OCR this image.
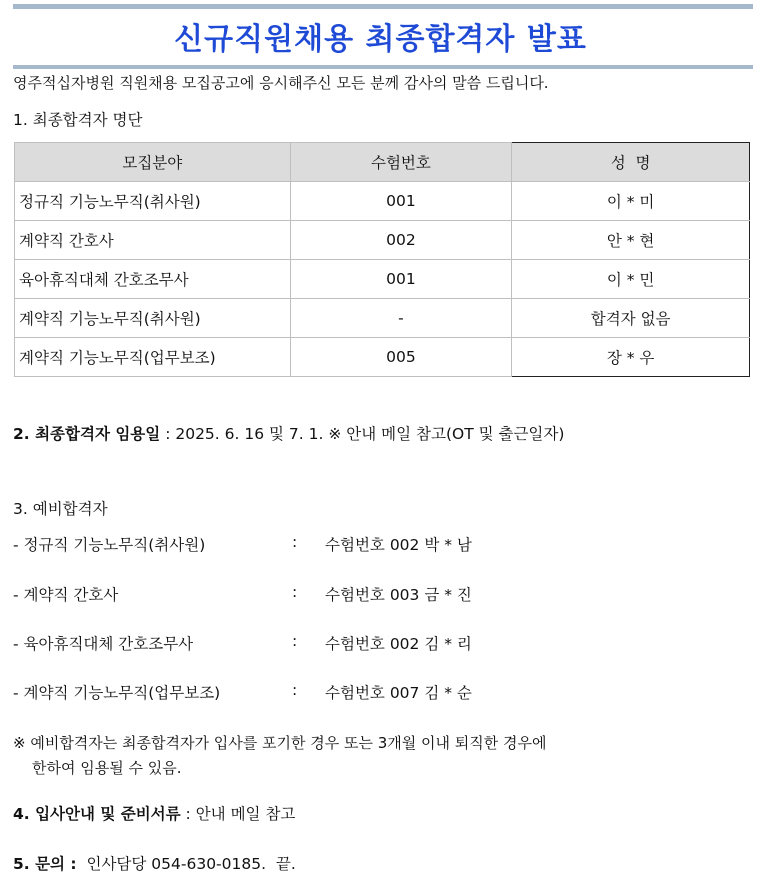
신규직원채용 최종합격자 발표
영주적십자병원 직원채용 모집공고에 응시해주신 모든 분께 감사의 말씀 드립니다.
1. 최종합격자 명단
모집분야	수험번호	성  명
정규직 기능노무직(취사원)	001	이 * 미
계약직 간호사	002	안 * 현
육아휴직대체 간호조무사	001	이 * 민
계약직 기능노무직(취사원)	-	합격자 없음
계약직 기능노무직(업무보조)	005	장 * 우
2. 최종합격자 임용일 : 2025. 6. 16 및 7. 1. ※ 안내 메일 참고(OT 및 출근일자)
3. 예비합격자
- 정규직 기능노무직(취사원)	: 수험번호 002 박 * 남
- 계약직 간호사	: 수험번호 003 금 * 진
- 육아휴직대체 간호조무사	: 수험번호 002 김 * 리
- 계약직 기능노무직(업무보조)	: 수험번호 007 김 * 순
※ 예비합격자는 최종합격자가 입사를 포기한 경우 또는 3개월 이내 퇴직한 경우에
한하여 임용될 수 있음.
4. 입사안내 및 준비서류 : 안내 메일 참고
5. 문의 :  인사담당 054-630-0185.  끝.
